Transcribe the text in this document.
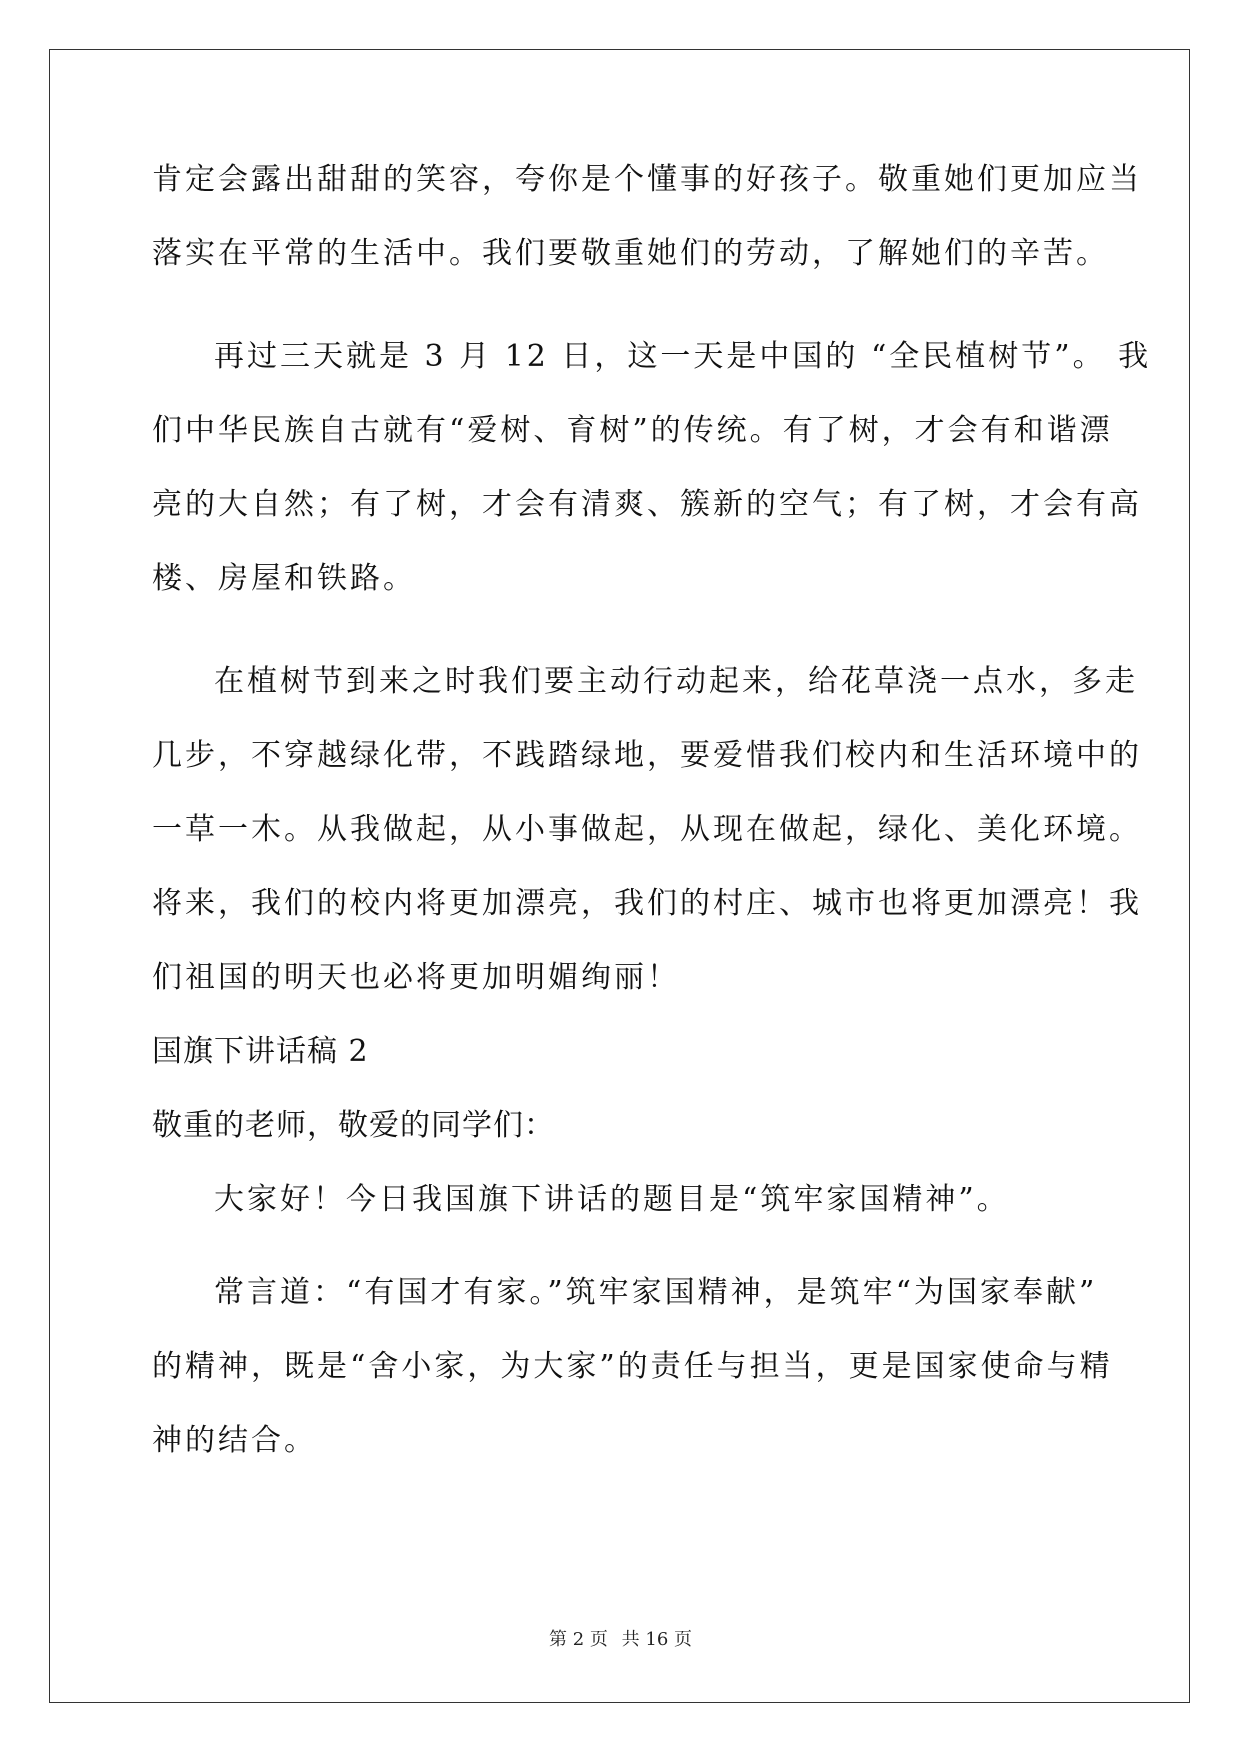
肯定会露出甜甜的笑容，夸你是个懂事的好孩子。敬重她们更加应当
落实在平常的生活中。我们要敬重她们的劳动，了解她们的辛苦。
再过三天就是 3 月 12 日，这一天是中国的 “全民植树节”。 我
们中华民族自古就有“爱树、育树”的传统。有了树，才会有和谐漂
亮的大自然；有了树，才会有清爽、簇新的空气；有了树，才会有高
楼、房屋和铁路。
在植树节到来之时我们要主动行动起来，给花草浇一点水，多走
几步，不穿越绿化带，不践踏绿地，要爱惜我们校内和生活环境中的
一草一木。从我做起，从小事做起，从现在做起，绿化、美化环境。
将来，我们的校内将更加漂亮，我们的村庄、城市也将更加漂亮！我
们祖国的明天也必将更加明媚绚丽！
国旗下讲话稿 2
敬重的老师，敬爱的同学们：
大家好！今日我国旗下讲话的题目是“筑牢家国精神”。
常言道：“有国才有家。”筑牢家国精神，是筑牢“为国家奉献”
的精神，既是“舍小家，为大家”的责任与担当，更是国家使命与精
神的结合。
第 2 页 共 16 页
